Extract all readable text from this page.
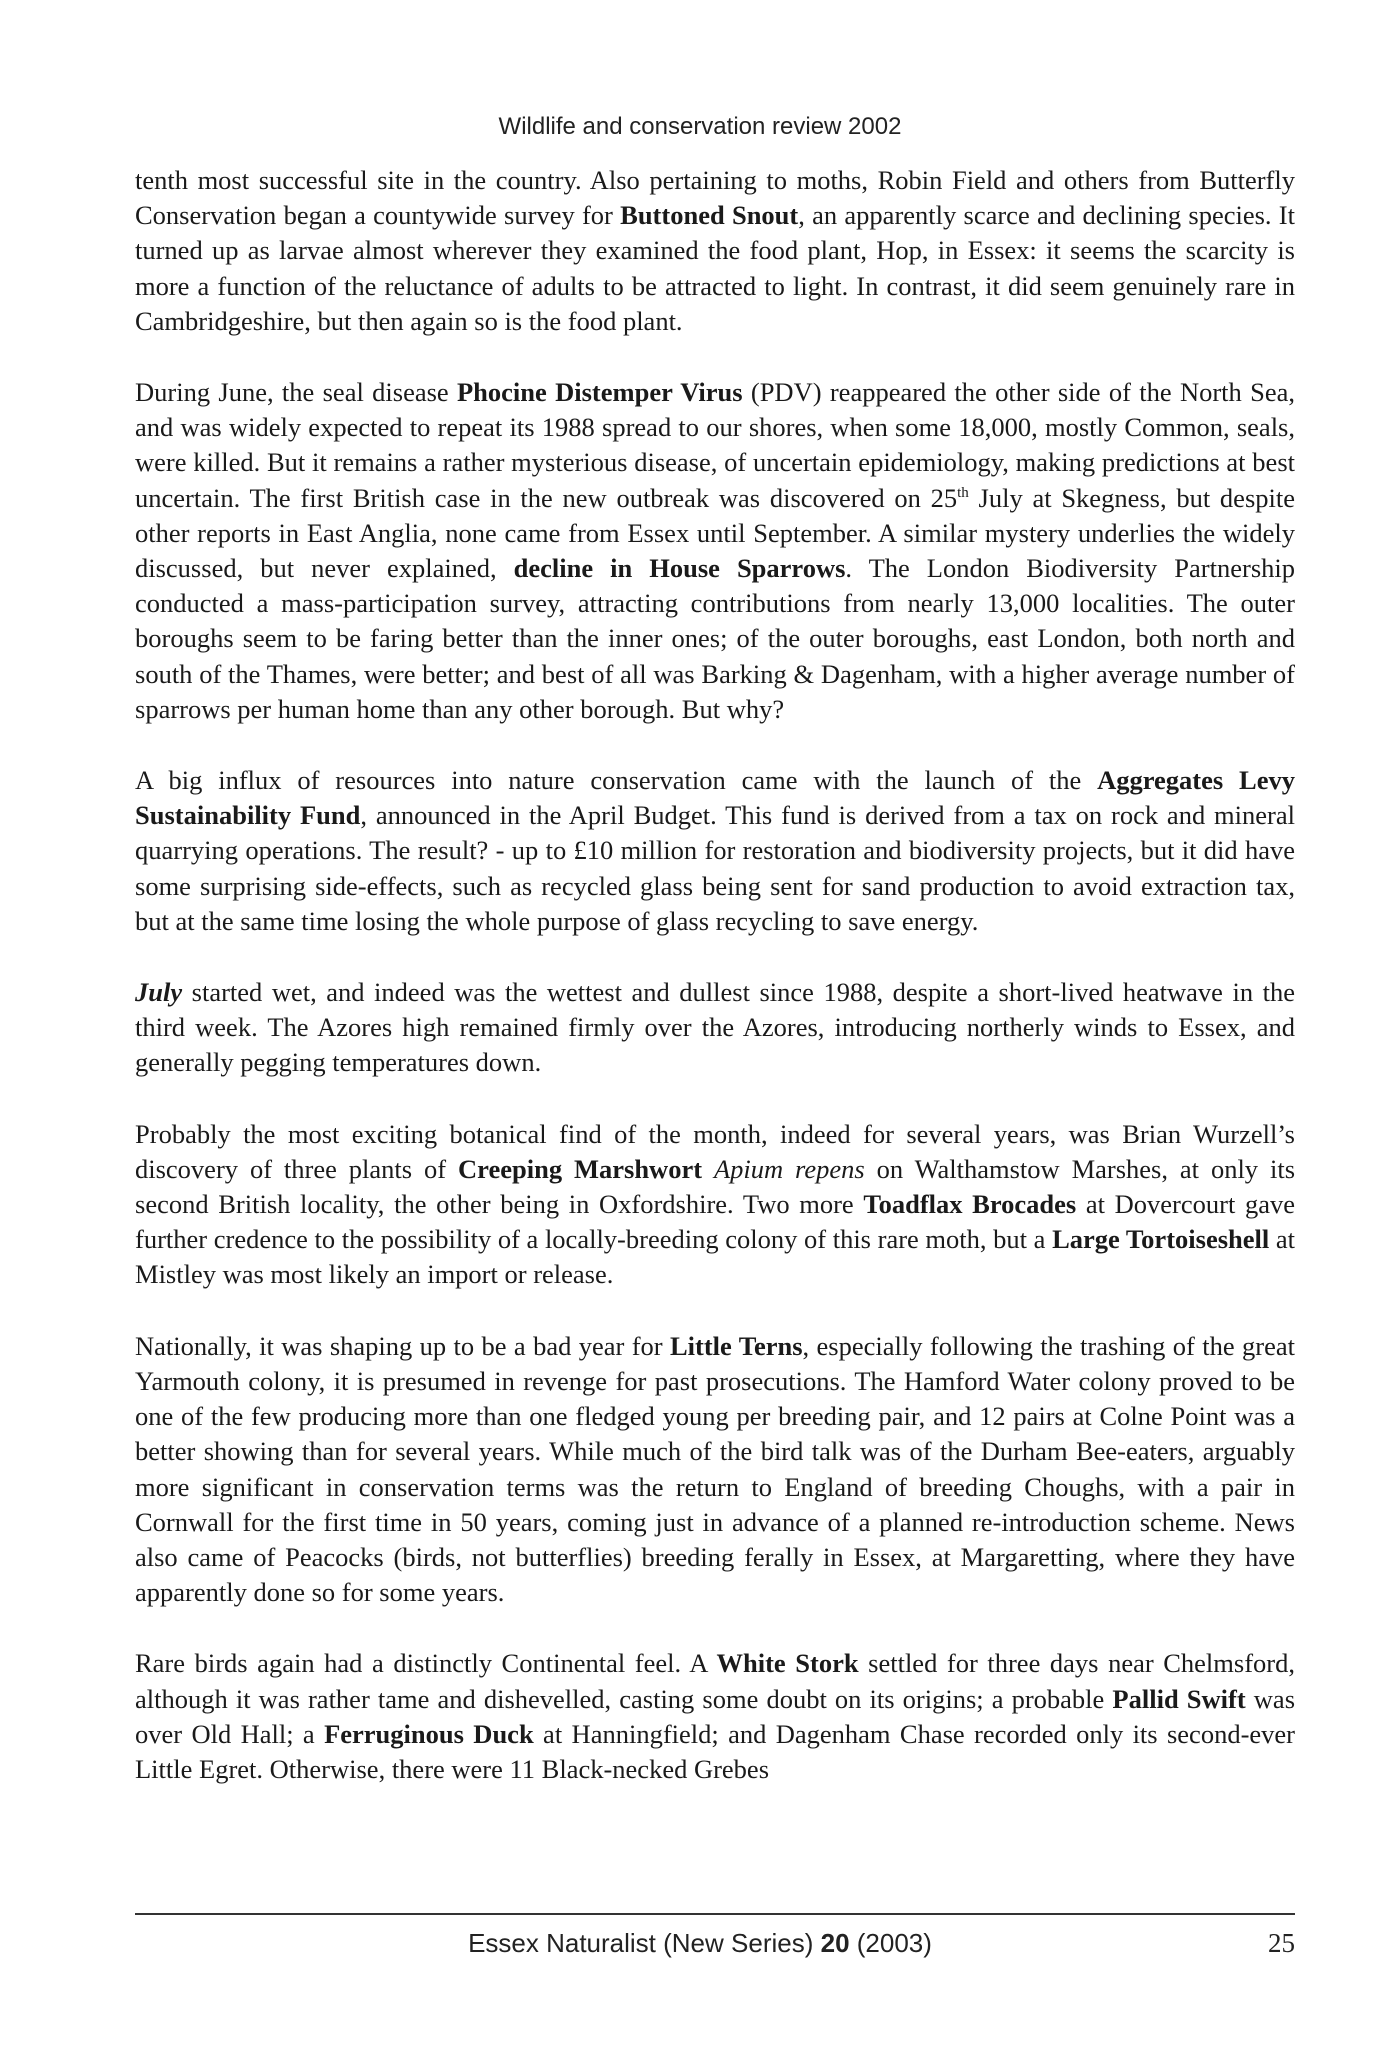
Wildlife and conservation review 2002

tenth most successful site in the country. Also pertaining to moths, Robin Field and others from Butterfly Conservation began a countywide survey for Buttoned Snout, an apparently scarce and declining species. It turned up as larvae almost wherever they examined the food plant, Hop, in Essex: it seems the scarcity is more a function of the reluctance of adults to be attracted to light. In contrast, it did seem genuinely rare in Cambridgeshire, but then again so is the food plant.

During June, the seal disease Phocine Distemper Virus (PDV) reappeared the other side of the North Sea, and was widely expected to repeat its 1988 spread to our shores, when some 18,000, mostly Common, seals, were killed. But it remains a rather mysterious disease, of uncertain epidemiology, making predictions at best uncertain. The first British case in the new outbreak was discovered on 25th July at Skegness, but despite other reports in East Anglia, none came from Essex until September. A similar mystery underlies the widely discussed, but never explained, decline in House Sparrows. The London Biodiversity Partnership conducted a mass-participation survey, attracting contributions from nearly 13,000 localities. The outer boroughs seem to be faring better than the inner ones; of the outer boroughs, east London, both north and south of the Thames, were better; and best of all was Barking & Dagenham, with a higher average number of sparrows per human home than any other borough. But why?

A big influx of resources into nature conservation came with the launch of the Aggregates Levy Sustainability Fund, announced in the April Budget. This fund is derived from a tax on rock and mineral quarrying operations. The result? - up to £10 million for restoration and biodiversity projects, but it did have some surprising side-effects, such as recycled glass being sent for sand production to avoid extraction tax, but at the same time losing the whole purpose of glass recycling to save energy.

July started wet, and indeed was the wettest and dullest since 1988, despite a short-lived heatwave in the third week. The Azores high remained firmly over the Azores, introducing northerly winds to Essex, and generally pegging temperatures down.

Probably the most exciting botanical find of the month, indeed for several years, was Brian Wurzell’s discovery of three plants of Creeping Marshwort Apium repens on Walthamstow Marshes, at only its second British locality, the other being in Oxfordshire. Two more Toadflax Brocades at Dovercourt gave further credence to the possibility of a locally-breeding colony of this rare moth, but a Large Tortoiseshell at Mistley was most likely an import or release.

Nationally, it was shaping up to be a bad year for Little Terns, especially following the trashing of the great Yarmouth colony, it is presumed in revenge for past prosecutions. The Hamford Water colony proved to be one of the few producing more than one fledged young per breeding pair, and 12 pairs at Colne Point was a better showing than for several years. While much of the bird talk was of the Durham Bee-eaters, arguably more significant in conservation terms was the return to England of breeding Choughs, with a pair in Cornwall for the first time in 50 years, coming just in advance of a planned re-introduction scheme. News also came of Peacocks (birds, not butterflies) breeding ferally in Essex, at Margaretting, where they have apparently done so for some years.

Rare birds again had a distinctly Continental feel. A White Stork settled for three days near Chelmsford, although it was rather tame and dishevelled, casting some doubt on its origins; a probable Pallid Swift was over Old Hall; a Ferruginous Duck at Hanningfield; and Dagenham Chase recorded only its second-ever Little Egret. Otherwise, there were 11 Black-necked Grebes

Essex Naturalist (New Series) 20 (2003)	25
